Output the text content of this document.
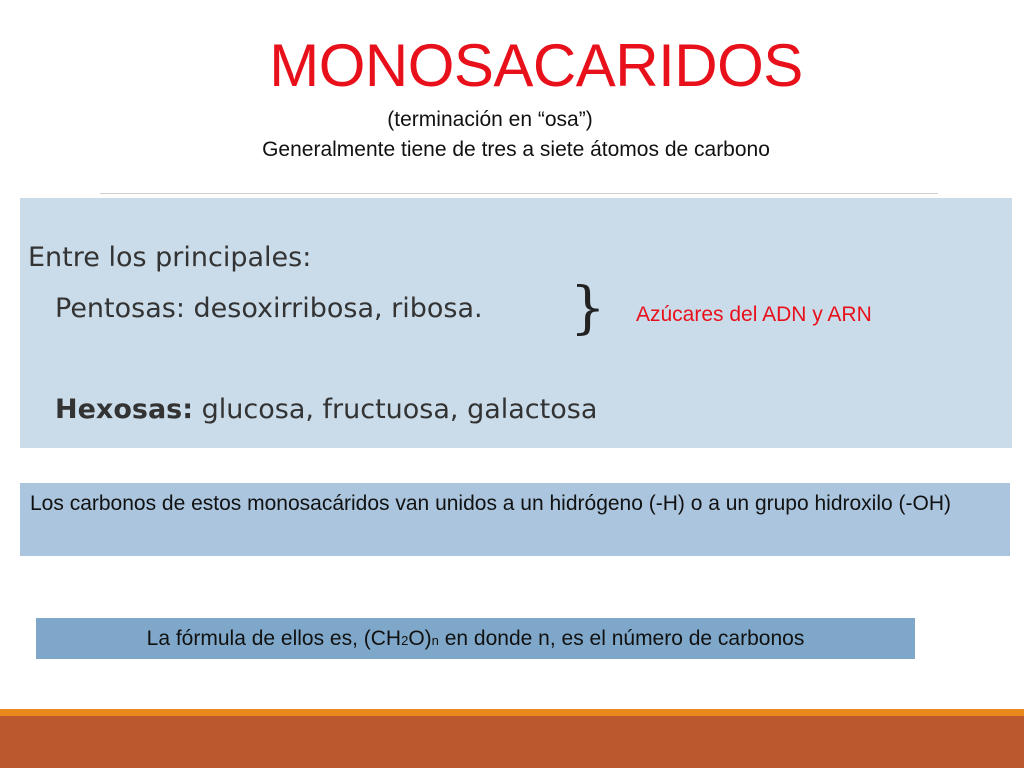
MONOSACARIDOS
(terminación en “osa”)
Generalmente tiene de tres a siete átomos de carbono
Entre los principales:
Pentosas: desoxirribosa, ribosa. } Azúcares del ADN y ARN
Hexosas: glucosa, fructuosa, galactosa
Los carbonos de estos monosacáridos van unidos a un hidrógeno (-H) o a un grupo hidroxilo (-OH)
La fórmula de ellos es, (CH2O)n en donde n, es el número de carbonos
